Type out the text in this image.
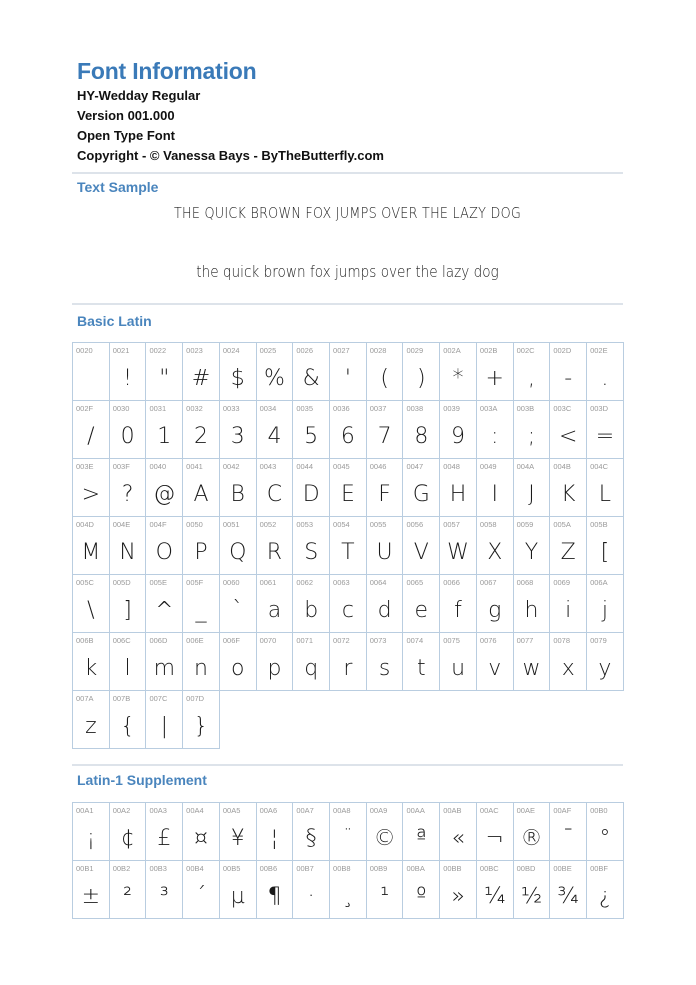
Font Information
HY-Wedday Regular
Version 001.000
Open Type Font
Copyright - © Vanessa Bays - ByTheButterfly.com
Text Sample
THE QUICK BROWN FOX JUMPS OVER THE LAZY DOG
the quick brown fox jumps over the lazy dog
Basic Latin
0020	0021
!
0022
"
0023
#
0024
$
0025
%
0026
&
0027
'
0028
(
0029
)
002A
*
002B
+
002C
,
002D
-
002E
.
002F
/
0030
0
0031
1
0032
2
0033
3
0034
4
0035
5
0036
6
0037
7
0038
8
0039
9
003A
:
003B
;
003C
<
003D
=
003E
>
003F
?
0040
@
0041
A
0042
B
0043
C
0044
D
0045
E
0046
F
0047
G
0048
H
0049
I
004A
J
004B
K
004C
L
004D
M
004E
N
004F
O
0050
P
0051
Q
0052
R
0053
S
0054
T
0055
U
0056
V
0057
W
0058
X
0059
Y
005A
Z
005B
[
005C
\
005D
]
005E
^
005F
_
0060
`
0061
a
0062
b
0063
c
0064
d
0065
e
0066
f
0067
g
0068
h
0069
i
006A
j
006B
k
006C
l
006D
m
006E
n
006F
o
0070
p
0071
q
0072
r
0073
s
0074
t
0075
u
0076
v
0077
w
0078
x
0079
y
007A
z
007B
{
007C
|
007D
}
Latin-1 Supplement
00A1
¡
00A2
¢
00A3
£
00A4
¤
00A5
¥
00A6
¦
00A7
§
00A8
¨
00A9
©
00AA
ª
00AB
«
00AC
¬
00AE
®
00AF
¯
00B0
°
00B1
±
00B2
²
00B3
³
00B4
´
00B5
µ
00B6
¶
00B7
·
00B8
¸
00B9
¹
00BA
º
00BB
»
00BC
¼
00BD
½
00BE
¾
00BF
¿
